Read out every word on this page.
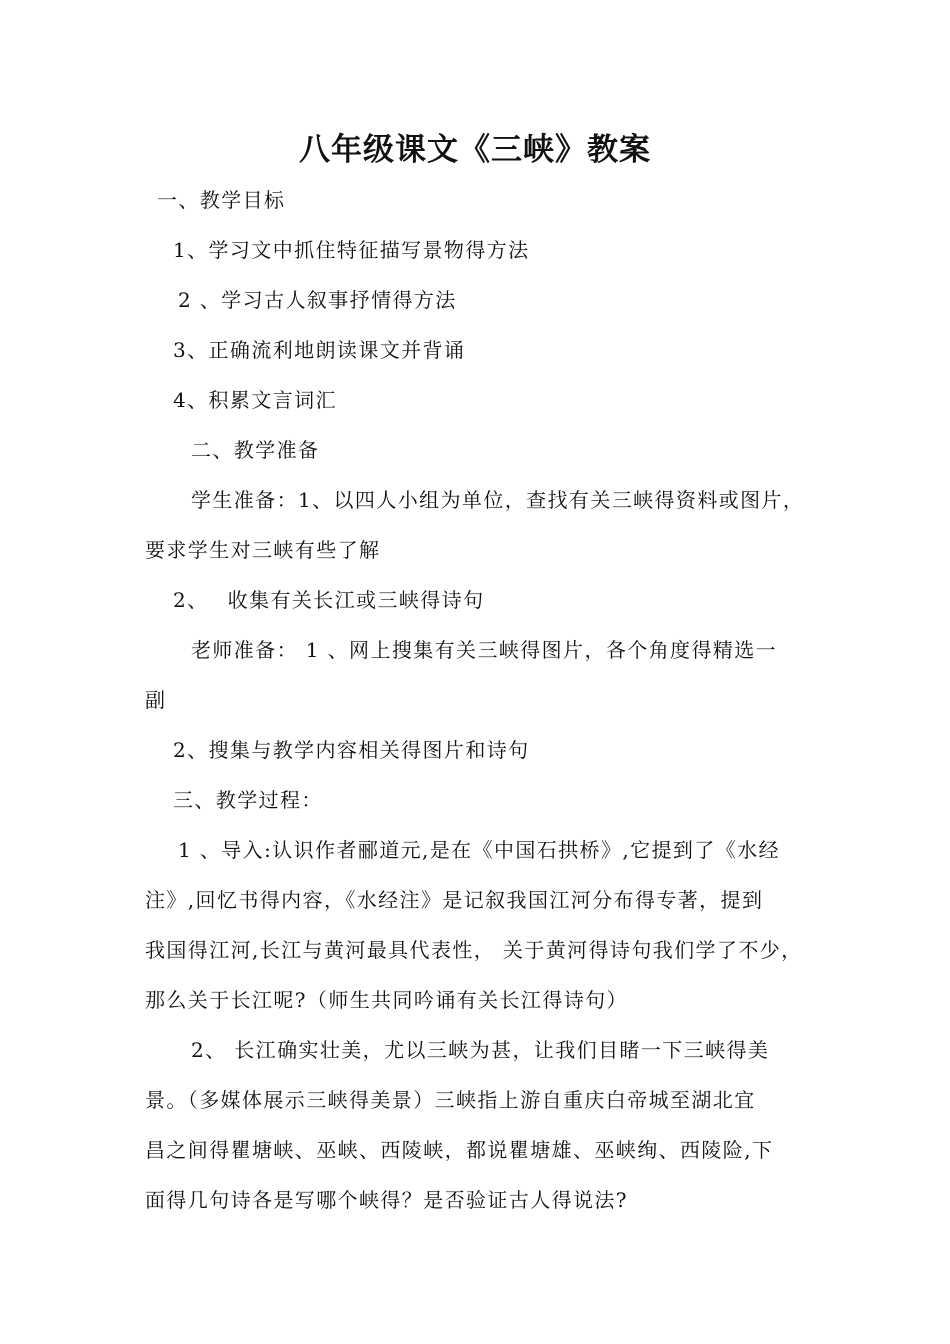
八年级课文《三峡》教案

一、教学目标

1、学习文中抓住特征描写景物得方法

2 、学习古人叙事抒情得方法

3、正确流利地朗读课文并背诵

4、积累文言词汇

二、教学准备

学生准备：1、以四人小组为单位，查找有关三峡得资料或图片，

要求学生对三峡有些了解

2、　 收集有关长江或三峡得诗句

老师准备： 1 、网上搜集有关三峡得图片，各个角度得精选一

副

2、搜集与教学内容相关得图片和诗句

三、教学过程：

1 、导入:认识作者郦道元,是在《中国石拱桥》,它提到了《水经

注》,回忆书得内容，《水经注》是记叙我国江河分布得专著，提到

我国得江河,长江与黄河最具代表性， 关于黄河得诗句我们学了不少，

那么关于长江呢?（师生共同吟诵有关长江得诗句）

2、 长江确实壮美，尤以三峡为甚，让我们目睹一下三峡得美

景。（多媒体展示三峡得美景）三峡指上游自重庆白帝城至湖北宜

昌之间得瞿塘峡、巫峡、西陵峡，都说瞿塘雄、巫峡绚、西陵险,下

面得几句诗各是写哪个峡得？是否验证古人得说法?
